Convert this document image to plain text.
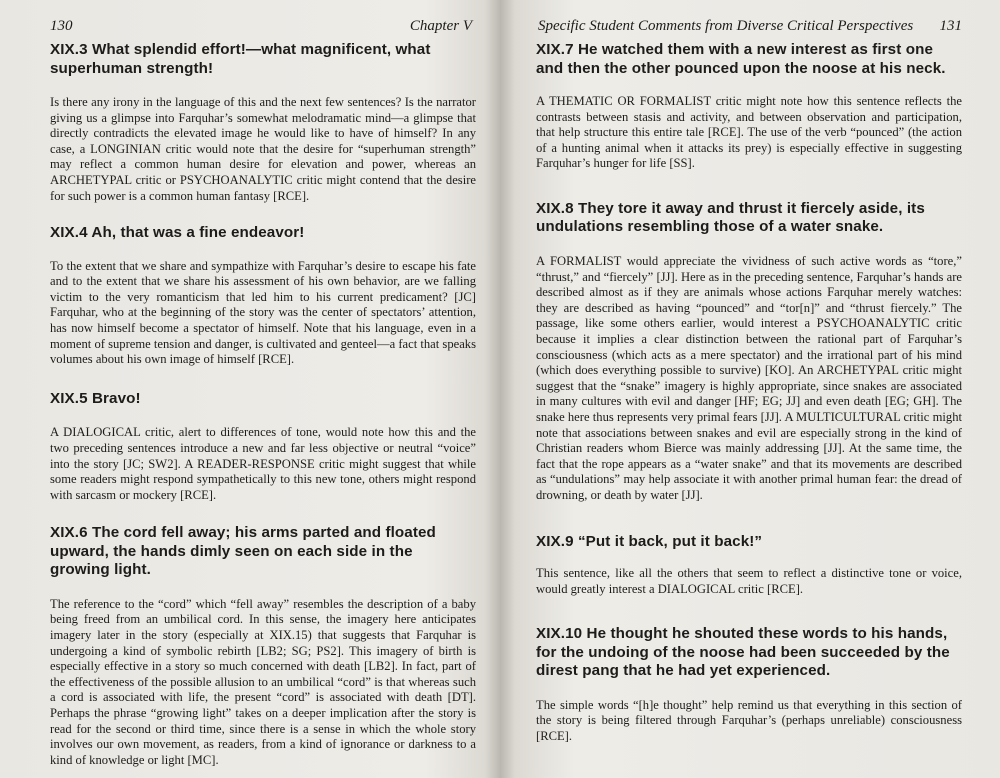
130	Chapter V
XIX.3 What splendid effort!—what magnificent, what superhuman strength!

Is there any irony in the language of this and the next few sentences? Is the narrator giving us a glimpse into Farquhar’s somewhat melodramatic mind—a glimpse that directly contradicts the elevated image he would like to have of himself? In any case, a LONGINIAN critic would note that the desire for “superhuman strength” may reflect a common human desire for elevation and power, whereas an ARCHETYPAL critic or PSYCHOANALYTIC critic might contend that the desire for such power is a common human fantasy [RCE].

XIX.4 Ah, that was a fine endeavor!

To the extent that we share and sympathize with Farquhar’s desire to escape his fate and to the extent that we share his assessment of his own behavior, are we falling victim to the very romanticism that led him to his current predicament? [JC] Farquhar, who at the beginning of the story was the center of spectators’ attention, has now himself become a spectator of himself. Note that his language, even in a moment of supreme tension and danger, is cultivated and genteel—a fact that speaks volumes about his own image of himself [RCE].

XIX.5 Bravo!

A DIALOGICAL critic, alert to differences of tone, would note how this and the two preceding sentences introduce a new and far less objective or neutral “voice” into the story [JC; SW2]. A READER-RESPONSE critic might suggest that while some readers might respond sympathetically to this new tone, others might respond with sarcasm or mockery [RCE].

XIX.6 The cord fell away; his arms parted and floated upward, the hands dimly seen on each side in the growing light.

The reference to the “cord” which “fell away” resembles the description of a baby being freed from an umbilical cord. In this sense, the imagery here anticipates imagery later in the story (especially at XIX.15) that suggests that Farquhar is undergoing a kind of symbolic rebirth [LB2; SG; PS2]. This imagery of birth is especially effective in a story so much concerned with death [LB2]. In fact, part of the effectiveness of the possible allusion to an umbilical “cord” is that whereas such a cord is associated with life, the present “cord” is associated with death [DT]. Perhaps the phrase “growing light” takes on a deeper implication after the story is read for the second or third time, since there is a sense in which the whole story involves our own movement, as readers, from a kind of ignorance or darkness to a kind of knowledge or light [MC].

Specific Student Comments from Diverse Critical Perspectives 131
XIX.7 He watched them with a new interest as first one and then the other pounced upon the noose at his neck.

A THEMATIC OR FORMALIST critic might note how this sentence reflects the contrasts between stasis and activity, and between observation and participation, that help structure this entire tale [RCE]. The use of the verb “pounced” (the action of a hunting animal when it attacks its prey) is especially effective in suggesting Farquhar’s hunger for life [SS].

XIX.8 They tore it away and thrust it fiercely aside, its undulations resembling those of a water snake.

A FORMALIST would appreciate the vividness of such active words as “tore,” “thrust,” and “fiercely” [JJ]. Here as in the preceding sentence, Farquhar’s hands are described almost as if they are animals whose actions Farquhar merely watches: they are described as having “pounced” and “tor[n]” and “thrust fiercely.” The passage, like some others earlier, would interest a PSYCHOANALYTIC critic because it implies a clear distinction between the rational part of Farquhar’s consciousness (which acts as a mere spectator) and the irrational part of his mind (which does everything possible to survive) [KO]. An ARCHETYPAL critic might suggest that the “snake” imagery is highly appropriate, since snakes are associated in many cultures with evil and danger [HF; EG; JJ] and even death [EG; GH]. The snake here thus represents very primal fears [JJ]. A MULTICULTURAL critic might note that associations between snakes and evil are especially strong in the kind of Christian readers whom Bierce was mainly addressing [JJ]. At the same time, the fact that the rope appears as a “water snake” and that its movements are described as “undulations” may help associate it with another primal human fear: the dread of drowning, or death by water [JJ].

XIX.9 “Put it back, put it back!”

This sentence, like all the others that seem to reflect a distinctive tone or voice, would greatly interest a DIALOGICAL critic [RCE].

XIX.10 He thought he shouted these words to his hands, for the undoing of the noose had been succeeded by the direst pang that he had yet experienced.

The simple words “[h]e thought” help remind us that everything in this section of the story is being filtered through Farquhar’s (perhaps unreliable) consciousness [RCE].
